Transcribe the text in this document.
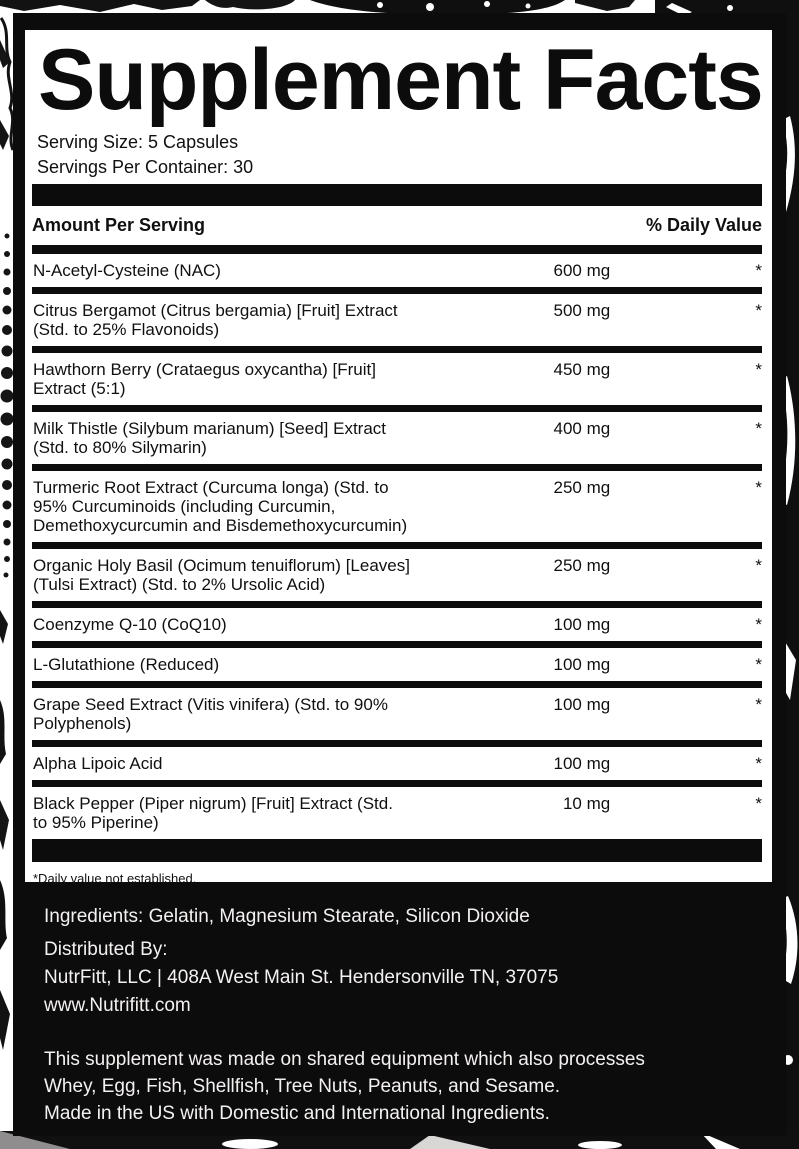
Supplement Facts
Serving Size: 5 Capsules
Servings Per Container: 30
Amount Per Serving	% Daily Value
N-Acetyl-Cysteine (NAC)	600 mg	*
Citrus Bergamot (Citrus bergamia) [Fruit] Extract (Std. to 25% Flavonoids)
500 mg	*
Hawthorn Berry (Crataegus oxycantha) [Fruit] Extract (5:1)
450 mg	*
Milk Thistle (Silybum marianum) [Seed] Extract (Std. to 80% Silymarin)
400 mg	*
Turmeric Root Extract (Curcuma longa) (Std. to 95% Curcuminoids (including Curcumin, Demethoxycurcumin and Bisdemethoxycurcumin)
250 mg	*
Organic Holy Basil (Ocimum tenuiflorum) [Leaves] (Tulsi Extract) (Std. to 2% Ursolic Acid)
250 mg	*
Coenzyme Q-10 (CoQ10)	100 mg	*
L-Glutathione (Reduced)	100 mg	*
Grape Seed Extract (Vitis vinifera) (Std. to 90% Polyphenols)
100 mg	*
Alpha Lipoic Acid	100 mg	*
Black Pepper (Piper nigrum) [Fruit] Extract (Std. to 95% Piperine)
10 mg	*
*Daily value not established.
Ingredients: Gelatin, Magnesium Stearate, Silicon Dioxide
Distributed By:
NutrFitt, LLC | 408A West Main St. Hendersonville TN, 37075
www.Nutrifitt.com
This supplement was made on shared equipment which also processes
Whey, Egg, Fish, Shellfish, Tree Nuts, Peanuts, and Sesame.
Made in the US with Domestic and International Ingredients.
